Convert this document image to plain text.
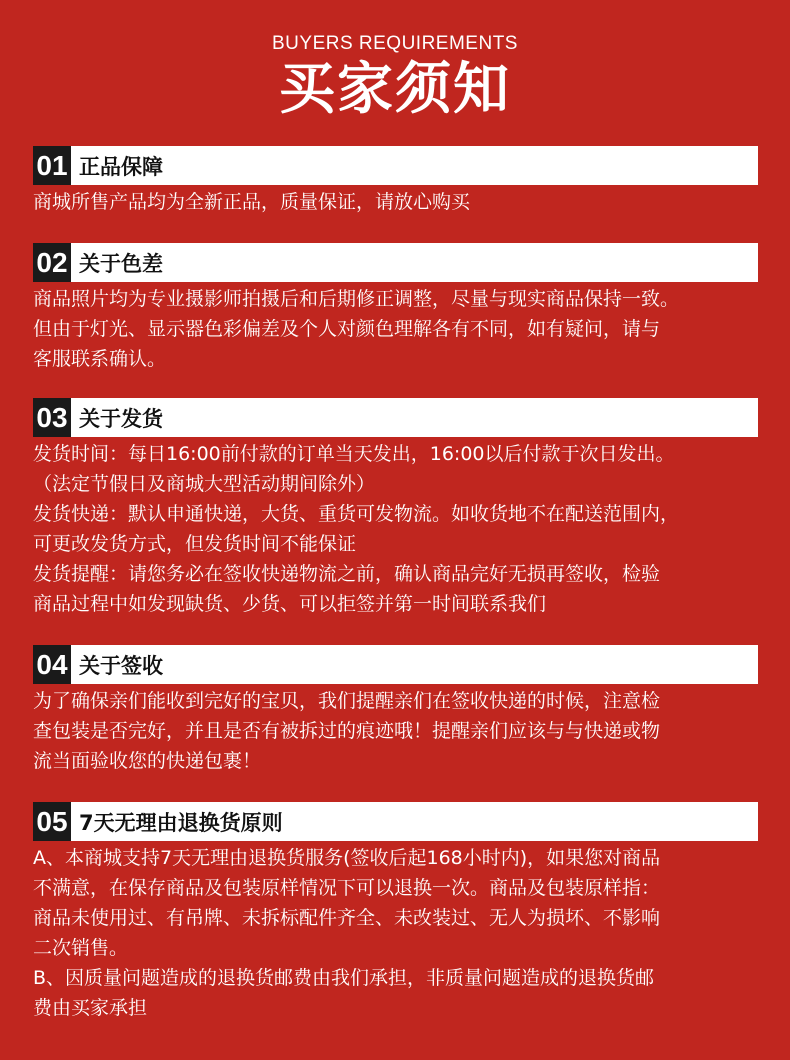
BUYERS REQUIREMENTS
买家须知
01 正品保障
商城所售产品均为全新正品，质量保证，请放心购买
02 关于色差
商品照片均为专业摄影师拍摄后和后期修正调整，尽量与现实商品保持一致。
但由于灯光、显示器色彩偏差及个人对颜色理解各有不同，如有疑问，请与
客服联系确认。
03 关于发货
发货时间：每日16:00前付款的订单当天发出，16:00以后付款于次日发出。
（法定节假日及商城大型活动期间除外）
发货快递：默认申通快递，大货、重货可发物流。如收货地不在配送范围内，
可更改发货方式，但发货时间不能保证
发货提醒：请您务必在签收快递物流之前，确认商品完好无损再签收，检验
商品过程中如发现缺货、少货、可以拒签并第一时间联系我们
04 关于签收
为了确保亲们能收到完好的宝贝，我们提醒亲们在签收快递的时候，注意检
查包装是否完好，并且是否有被拆过的痕迹哦！提醒亲们应该与与快递或物
流当面验收您的快递包裹！
05 7天无理由退换货原则
A、本商城支持7天无理由退换货服务(签收后起168小时内)，如果您对商品
不满意，在保存商品及包装原样情况下可以退换一次。商品及包装原样指：
商品未使用过、有吊牌、未拆标配件齐全、未改装过、无人为损坏、不影响
二次销售。
B、因质量问题造成的退换货邮费由我们承担，非质量问题造成的退换货邮
费由买家承担
